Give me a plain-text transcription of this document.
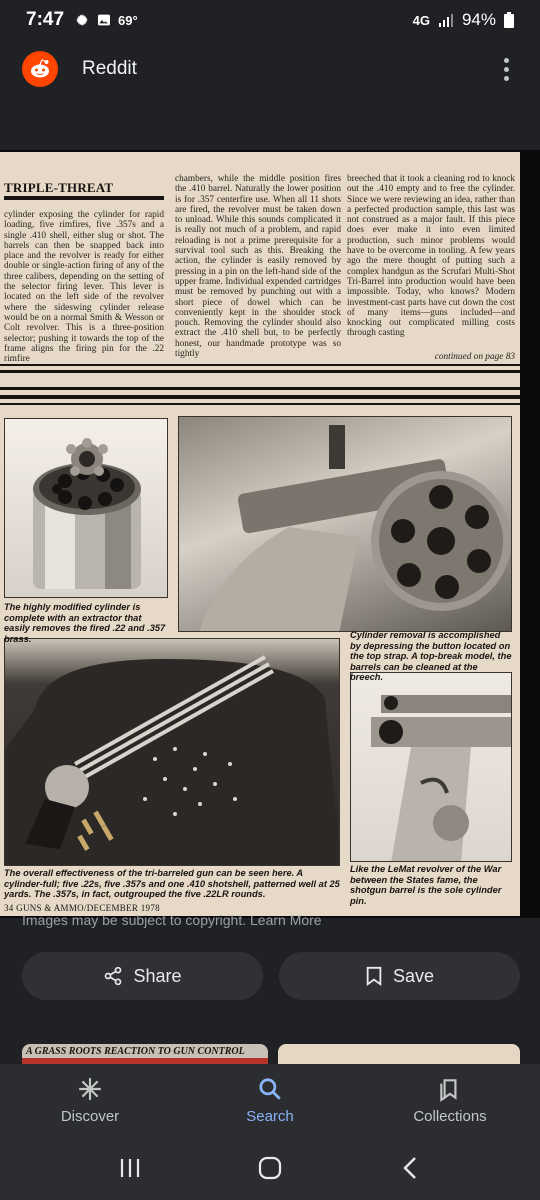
7:47	69°	4G 94%
Reddit
TRIPLE-THREAT
cylinder exposing the cylinder for rapid loading, five rimfires, five .357s and a single .410 shell, either slug or shot. The barrels can then be snapped back into place and the revolver is ready for either double or single-action firing of any of the three calibers, depending on the setting of the selector firing lever. This lever is located on the left side of the revolver where the sideswing cylinder release would be on a normal Smith & Wesson or Colt revolver. This is a three-position selector; pushing it towards the top of the frame aligns the firing pin for the .22 rimfire
chambers, while the middle position fires the .410 barrel. Naturally the lower position is for .357 centerfire use. When all 11 shots are fired, the revolver must be taken down to unload. While this sounds complicated it is really not much of a problem, and rapid reloading is not a prime prerequisite for a survival tool such as this. Breaking the action, the cylinder is easily removed by pressing in a pin on the left-hand side of the upper frame. Individual expended cartridges must be removed by punching out with a short piece of dowel which can be conveniently kept in the shoulder stock pouch. Removing the cylinder should also extract the .410 shell but, to be perfectly honest, our handmade prototype was so tightly
breeched that it took a cleaning rod to knock out the .410 empty and to free the cylinder. Since we were reviewing an idea, rather than a perfected production sample, this last was not construed as a major fault. If this piece does ever make it into even limited production, such minor problems would have to be overcome in tooling. A few years ago the mere thought of putting such a complex handgun as the Scrufari Multi-Shot Tri-Barrel into production would have been impossible. Today, who knows? Modern investment-cast parts have cut down the cost of many items—guns included—and knocking out complicated milling costs through casting
continued on page 83
The highly modified cylinder is complete with an extractor that easily removes the fired .22 and .357 brass.	Cylinder removal is accomplished by depressing the button located on the top strap. A top-break model, the barrels can be cleaned at the breech.
The overall effectiveness of the tri-barreled gun can be seen here. A cylinder-full; five .22s, five .357s and one .410 shotshell, patterned well at 25 yards. The .357s, in fact, outgrouped the five .22LR rounds.
Like the LeMat revolver of the War between the States fame, the shotgun barrel is the sole cylinder pin.
34 GUNS & AMMO/DECEMBER 1978
Images may be subject to copyright. Learn More
Share	Save
A GRASS ROOTS REACTION TO GUN CONTROL
Discover	Search	Collections
